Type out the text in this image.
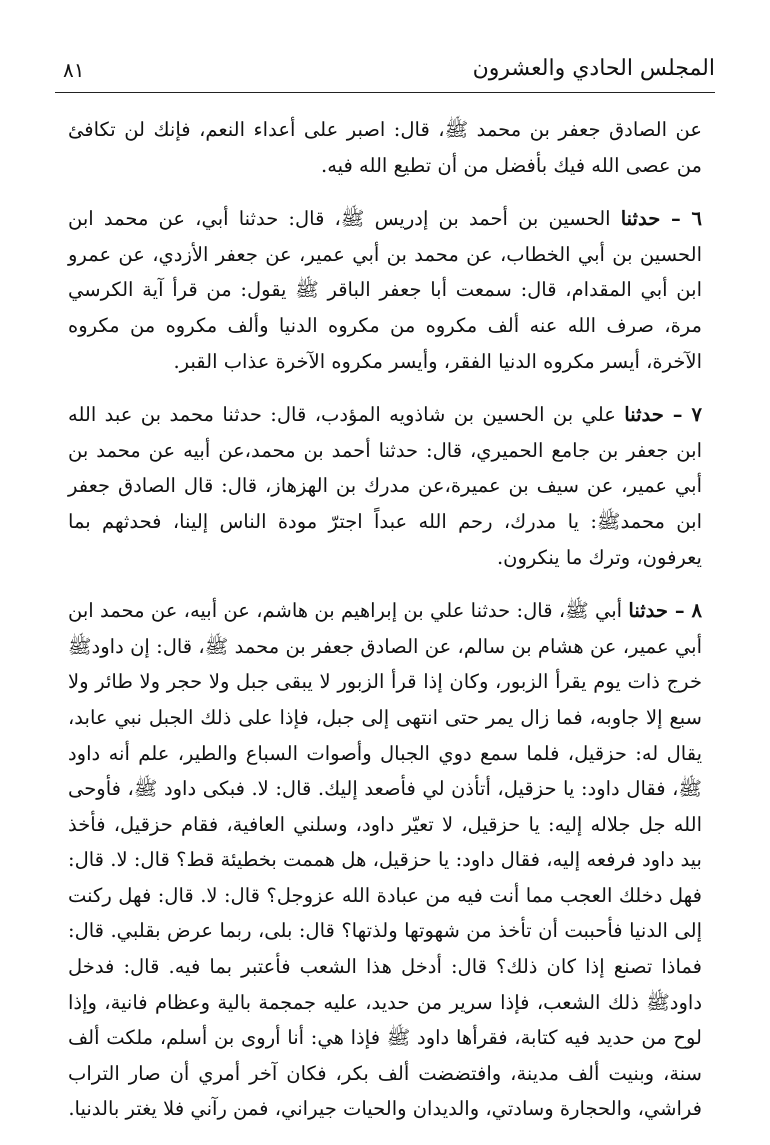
٨١	المجلس الحادي والعشرون

عن الصادق جعفر بن محمد ﷺ، قال: اصبر على أعداء النعم، فإنك لن تكافئ من عصى الله فيك بأفضل من أن تطيع الله فيه.

٦ – حدثنا الحسين بن أحمد بن إدريس ﷺ، قال: حدثنا أبي، عن محمد ابن الحسين بن أبي الخطاب، عن محمد بن أبي عمير، عن جعفر الأزدي، عن عمرو ابن أبي المقدام، قال: سمعت أبا جعفر الباقر ﷺ يقول: من قرأ آية الكرسي مرة، صرف الله عنه ألف مكروه من مكروه الدنيا وألف مكروه من مكروه الآخرة، أيسر مكروه الدنيا الفقر، وأيسر مكروه الآخرة عذاب القبر.

٧ – حدثنا علي بن الحسين بن شاذويه المؤدب، قال: حدثنا محمد بن عبد الله ابن جعفر بن جامع الحميري، قال: حدثنا أحمد بن محمد،عن أبيه عن محمد بن أبي عمير، عن سيف بن عميرة،عن مدرك بن الهزهاز، قال: قال الصادق جعفر ابن محمدﷺ: يا مدرك، رحم الله عبداً اجترّ مودة الناس إلينا، فحدثهم بما يعرفون، وترك ما ينكرون.

٨ – حدثنا أبي ﷺ، قال: حدثنا علي بن إبراهيم بن هاشم، عن أبيه، عن محمد ابن أبي عمير، عن هشام بن سالم، عن الصادق جعفر بن محمد ﷺ، قال: إن داودﷺ خرج ذات يوم يقرأ الزبور، وكان إذا قرأ الزبور لا يبقى جبل ولا حجر ولا طائر ولا سبع إلا جاوبه، فما زال يمر حتى انتهى إلى جبل، فإذا على ذلك الجبل نبي عابد، يقال له: حزقيل، فلما سمع دوي الجبال وأصوات السباع والطير، علم أنه داود ﷺ، فقال داود: يا حزقيل، أتأذن لي فأصعد إليك. قال: لا. فبكى داود ﷺ، فأوحى الله جل جلاله إليه: يا حزقيل، لا تعيّر داود، وسلني العافية، فقام حزقيل، فأخذ بيد داود فرفعه إليه، فقال داود: يا حزقيل، هل هممت بخطيئة قط؟ قال: لا. قال: فهل دخلك العجب مما أنت فيه من عبادة الله عزوجل؟ قال: لا. قال: فهل ركنت إلى الدنيا فأحببت أن تأخذ من شهوتها ولذتها؟ قال: بلى، ربما عرض بقلبي. قال: فماذا تصنع إذا كان ذلك؟ قال: أدخل هذا الشعب فأعتبر بما فيه. قال: فدخل داودﷺ ذلك الشعب، فإذا سرير من حديد، عليه جمجمة بالية وعظام فانية، وإذا لوح من حديد فيه كتابة، فقرأها داود ﷺ فإذا هي: أنا أروى بن أسلم، ملكت ألف سنة، وبنيت ألف مدينة، وافتضضت ألف بكر، فكان آخر أمري أن صار التراب فراشي، والحجارة وسادتي، والديدان والحيات جيراني، فمن رآني فلا يغتر بالدنيا.
